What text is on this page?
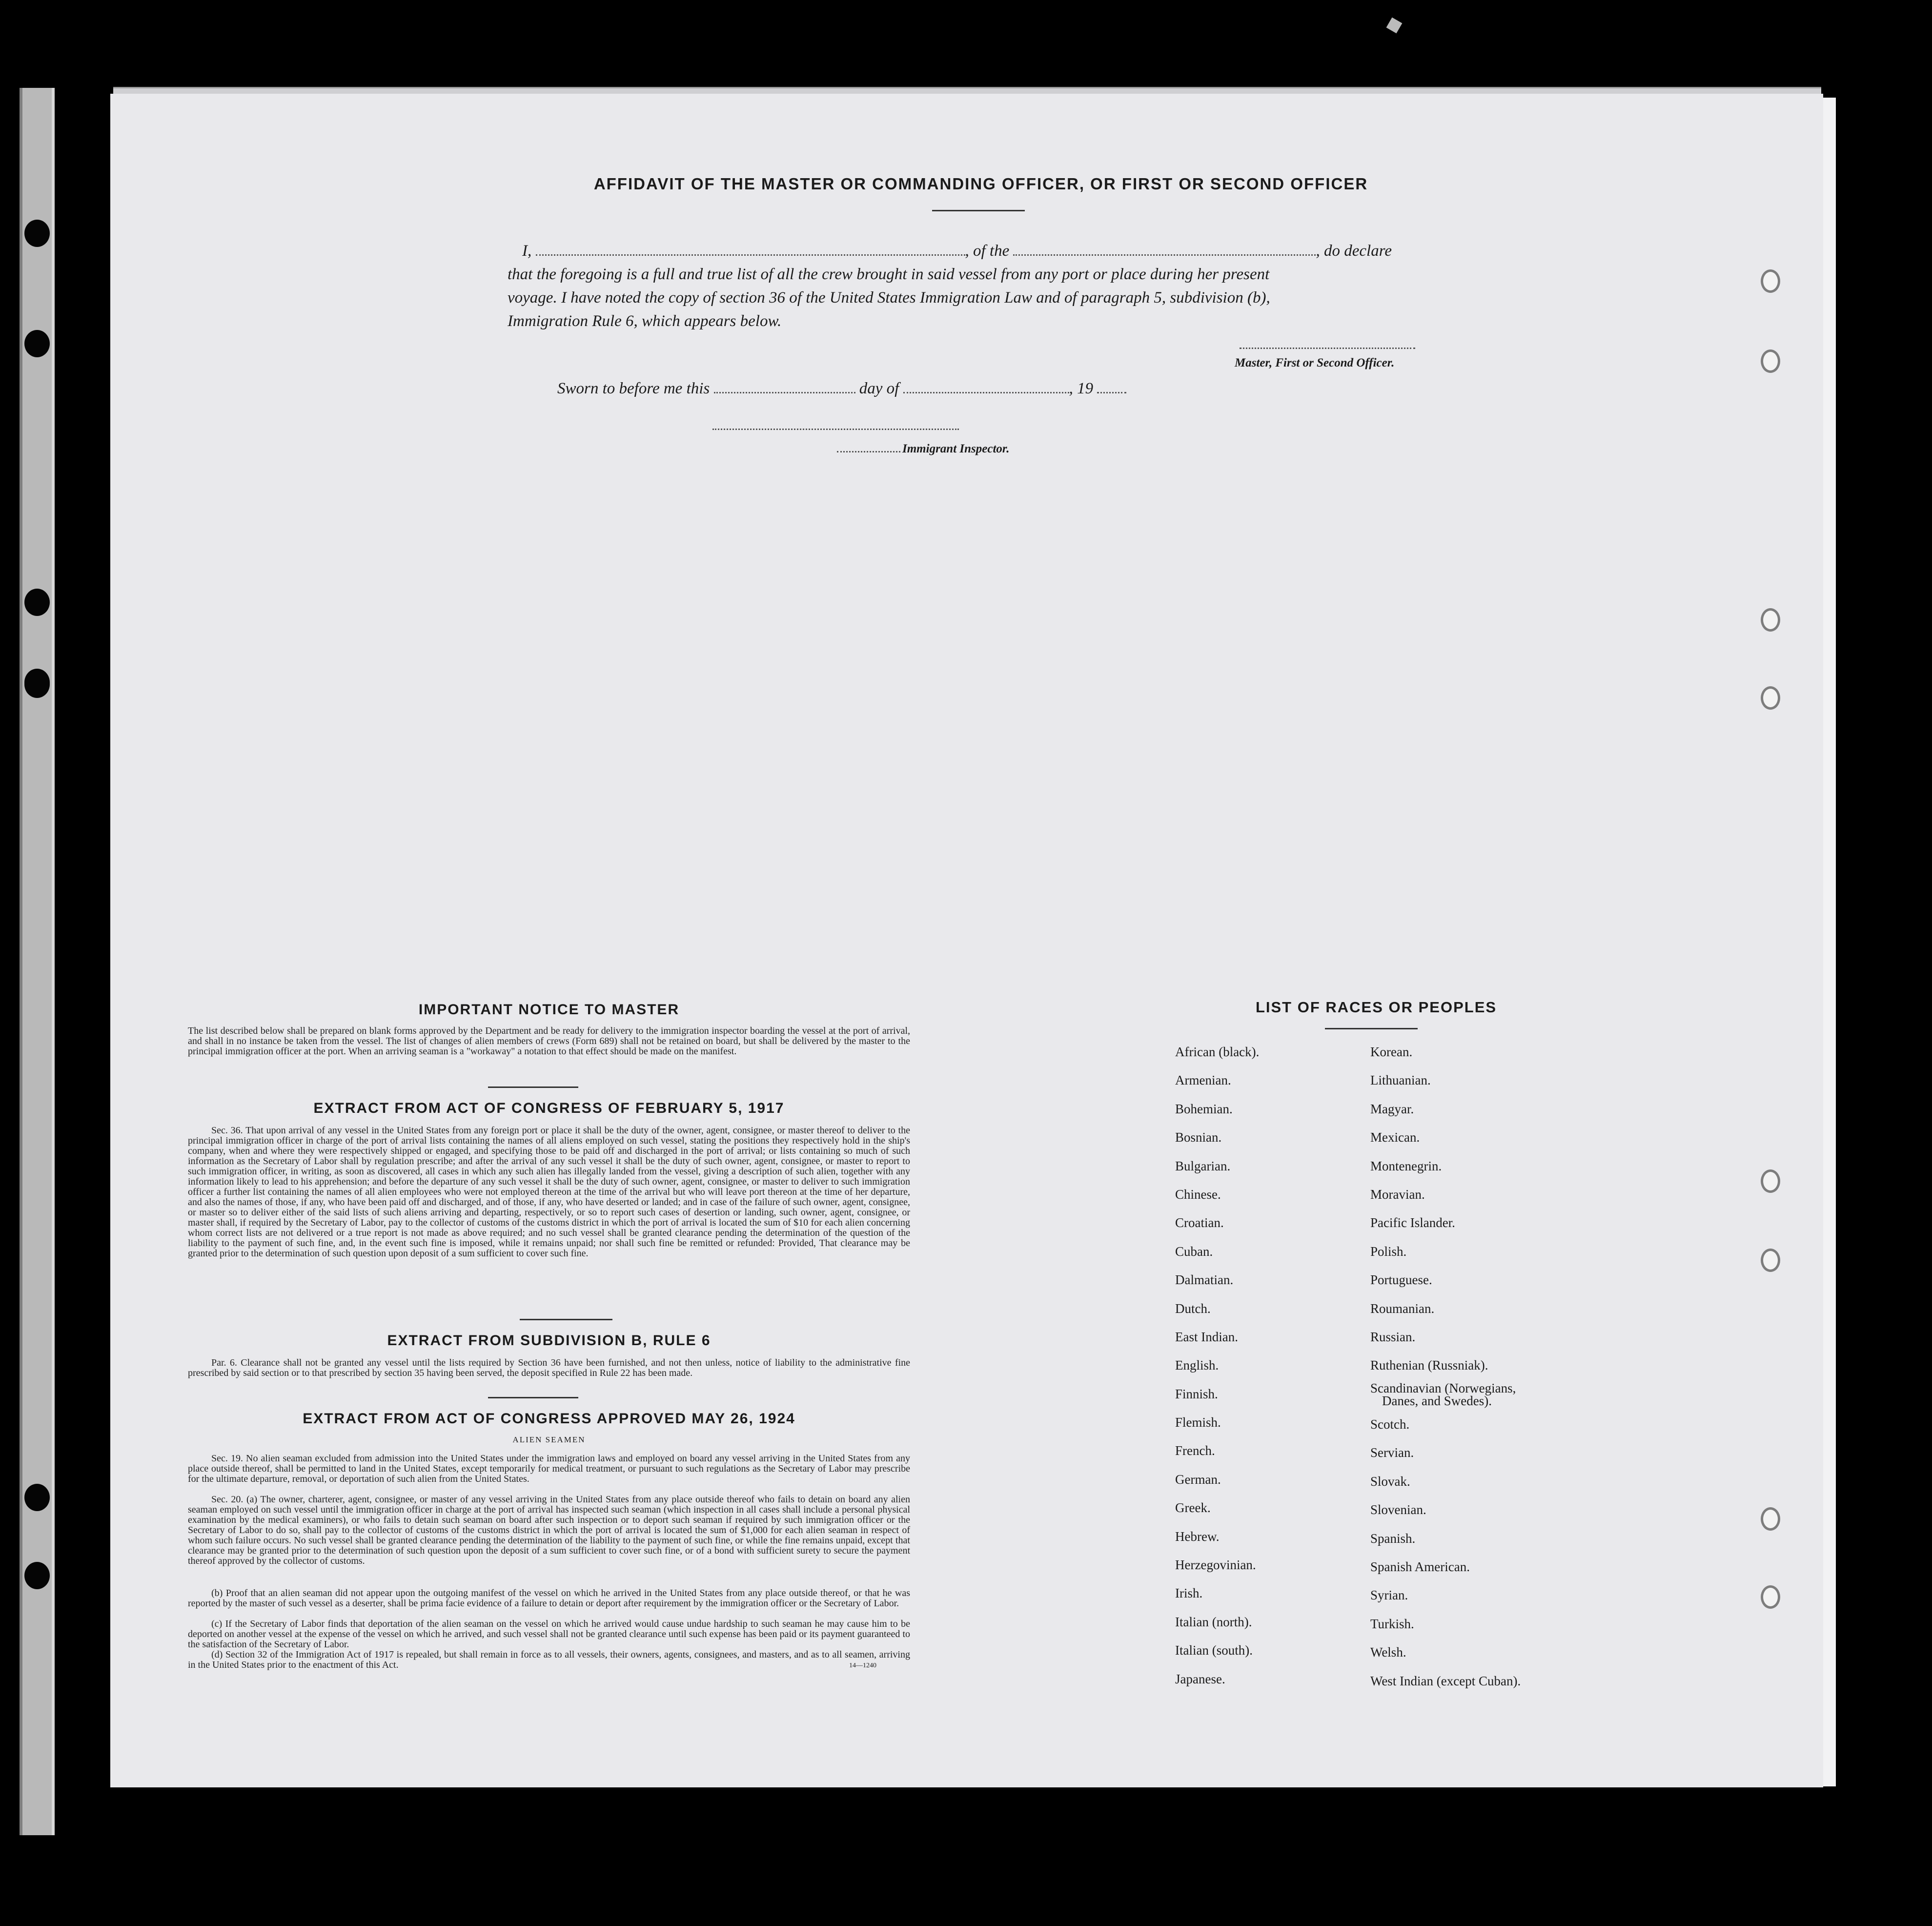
AFFIDAVIT OF THE MASTER OR COMMANDING OFFICER, OR FIRST OR SECOND OFFICER
I,	, of the	, do declare
that the foregoing is a full and true list of all the crew brought in said vessel from any port or place during her present
voyage. I have noted the copy of section 36 of the United States Immigration Law and of paragraph 5, subdivision (b),
Immigration Rule 6, which appears below.
Master, First or Second Officer.
Sworn to before me this	day of	, 19
Immigrant Inspector.
IMPORTANT NOTICE TO MASTER
The list described below shall be prepared on blank forms approved by the Department and be ready for delivery to the immigration inspector boarding the vessel at the port of arrival, and shall in no instance be taken from the vessel. The list of changes of alien members of crews (Form 689) shall not be retained on board, but shall be delivered by the master to the principal immigration officer at the port. When an arriving seaman is a "workaway" a notation to that effect should be made on the manifest.
EXTRACT FROM ACT OF CONGRESS OF FEBRUARY 5, 1917
Sec. 36. That upon arrival of any vessel in the United States from any foreign port or place it shall be the duty of the owner, agent, consignee, or master thereof to deliver to the principal immigration officer in charge of the port of arrival lists containing the names of all aliens employed on such vessel, stating the positions they respectively hold in the ship's company, when and where they were respectively shipped or engaged, and specifying those to be paid off and discharged in the port of arrival; or lists containing so much of such information as the Secretary of Labor shall by regulation prescribe; and after the arrival of any such vessel it shall be the duty of such owner, agent, consignee, or master to report to such immigration officer, in writing, as soon as discovered, all cases in which any such alien has illegally landed from the vessel, giving a description of such alien, together with any information likely to lead to his apprehension; and before the departure of any such vessel it shall be the duty of such owner, agent, consignee, or master to deliver to such immigration officer a further list containing the names of all alien employees who were not employed thereon at the time of the arrival but who will leave port thereon at the time of her departure, and also the names of those, if any, who have been paid off and discharged, and of those, if any, who have deserted or landed; and in case of the failure of such owner, agent, consignee, or master so to deliver either of the said lists of such aliens arriving and departing, respectively, or so to report such cases of desertion or landing, such owner, agent, consignee, or master shall, if required by the Secretary of Labor, pay to the collector of customs of the customs district in which the port of arrival is located the sum of $10 for each alien concerning whom correct lists are not delivered or a true report is not made as above required; and no such vessel shall be granted clearance pending the determination of the question of the liability to the payment of such fine, and, in the event such fine is imposed, while it remains unpaid; nor shall such fine be remitted or refunded: Provided, That clearance may be granted prior to the determination of such question upon deposit of a sum sufficient to cover such fine.
EXTRACT FROM SUBDIVISION B, RULE 6
Par. 6. Clearance shall not be granted any vessel until the lists required by Section 36 have been furnished, and not then unless, notice of liability to the administrative fine prescribed by said section or to that prescribed by section 35 having been served, the deposit specified in Rule 22 has been made.
EXTRACT FROM ACT OF CONGRESS APPROVED MAY 26, 1924
ALIEN SEAMEN
Sec. 19. No alien seaman excluded from admission into the United States under the immigration laws and employed on board any vessel arriving in the United States from any place outside thereof, shall be permitted to land in the United States, except temporarily for medical treatment, or pursuant to such regulations as the Secretary of Labor may prescribe for the ultimate departure, removal, or deportation of such alien from the United States.
Sec. 20. (a) The owner, charterer, agent, consignee, or master of any vessel arriving in the United States from any place outside thereof who fails to detain on board any alien seaman employed on such vessel until the immigration officer in charge at the port of arrival has inspected such seaman (which inspection in all cases shall include a personal physical examination by the medical examiners), or who fails to detain such seaman on board after such inspection or to deport such seaman if required by such immigration officer or the Secretary of Labor to do so, shall pay to the collector of customs of the customs district in which the port of arrival is located the sum of $1,000 for each alien seaman in respect of whom such failure occurs. No such vessel shall be granted clearance pending the determination of the liability to the payment of such fine, or while the fine remains unpaid, except that clearance may be granted prior to the determination of such question upon the deposit of a sum sufficient to cover such fine, or of a bond with sufficient surety to secure the payment thereof approved by the collector of customs.
(b) Proof that an alien seaman did not appear upon the outgoing manifest of the vessel on which he arrived in the United States from any place outside thereof, or that he was reported by the master of such vessel as a deserter, shall be prima facie evidence of a failure to detain or deport after requirement by the immigration officer or the Secretary of Labor.
(c) If the Secretary of Labor finds that deportation of the alien seaman on the vessel on which he arrived would cause undue hardship to such seaman he may cause him to be deported on another vessel at the expense of the vessel on which he arrived, and such vessel shall not be granted clearance until such expense has been paid or its payment guaranteed to the satisfaction of the Secretary of Labor.
(d) Section 32 of the Immigration Act of 1917 is repealed, but shall remain in force as to all vessels, their owners, agents, consignees, and masters, and as to all seamen, arriving in the United States prior to the enactment of this Act.	14—1240
LIST OF RACES OR PEOPLES
African (black).
Armenian.
Bohemian.
Bosnian.
Bulgarian.
Chinese.
Croatian.
Cuban.
Dalmatian.
Dutch.
East Indian.
English.
Finnish.
Flemish.
French.
German.
Greek.
Hebrew.
Herzegovinian.
Irish.
Italian (north).
Italian (south).
Japanese.
Korean.
Lithuanian.
Magyar.
Mexican.
Montenegrin.
Moravian.
Pacific Islander.
Polish.
Portuguese.
Roumanian.
Russian.
Ruthenian (Russniak).
Scandinavian (Norwegians,
Danes, and Swedes).
Scotch.
Servian.
Slovak.
Slovenian.
Spanish.
Spanish American.
Syrian.
Turkish.
Welsh.
West Indian (except Cuban).
